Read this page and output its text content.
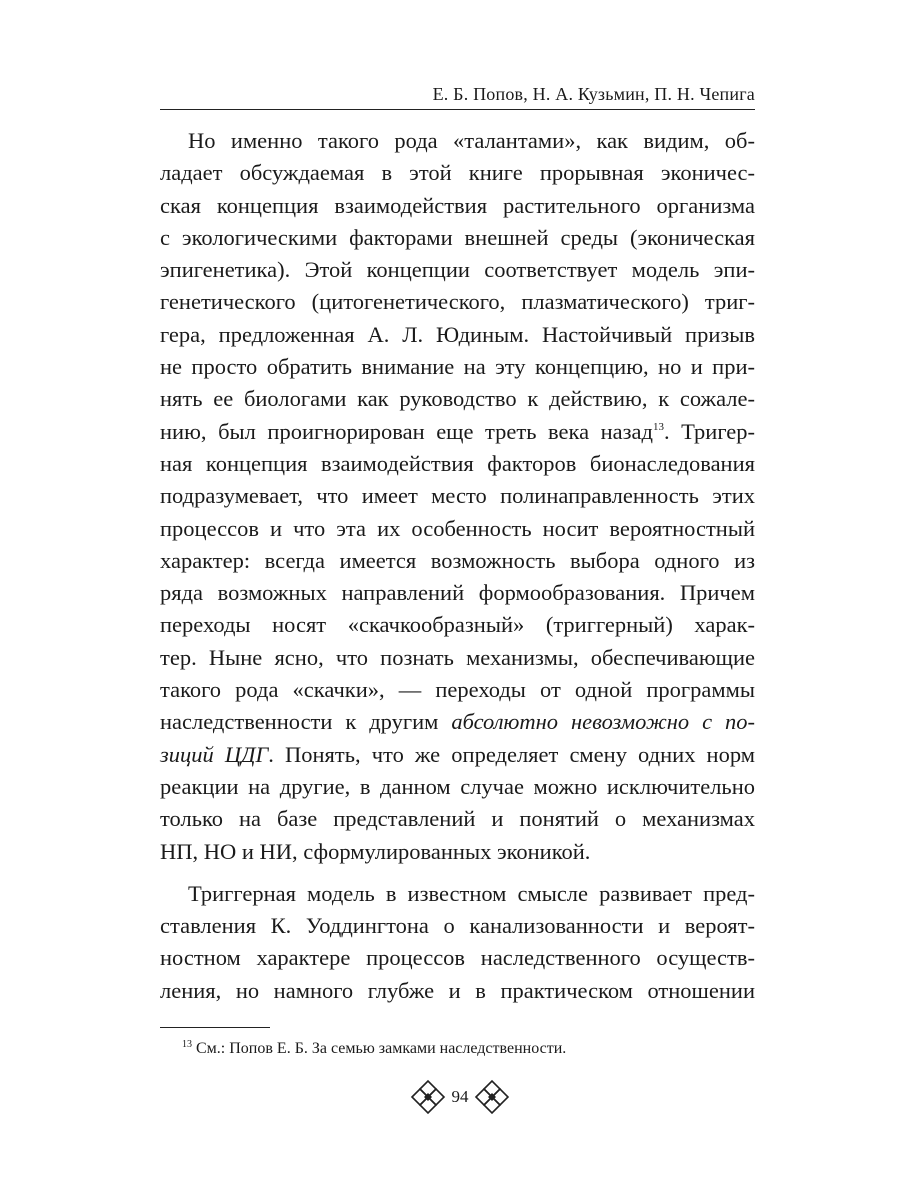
Е. Б. Попов, Н. А. Кузьмин, П. Н. Чепига
Но именно такого рода «талантами», как видим, об-
ладает обсуждаемая в этой книге прорывная эконичес-
ская концепция взаимодействия растительного организма
с экологическими факторами внешней среды (эконическая
эпигенетика). Этой концепции соответствует модель эпи-
генетического (цитогенетического, плазматического) триг-
гера, предложенная А. Л. Юдиным. Настойчивый призыв
не просто обратить внимание на эту концепцию, но и при-
нять ее биологами как руководство к действию, к сожале-
нию, был проигнорирован еще треть века назад$^{13}$. Тригер-
ная концепция взаимодействия факторов бионаследования
подразумевает, что имеет место полинаправленность этих
процессов и что эта их особенность носит вероятностный
характер: всегда имеется возможность выбора одного из
ряда возможных направлений формообразования. Причем
переходы носят «скачкообразный» (триггерный) харак-
тер. Ныне ясно, что познать механизмы, обеспечивающие
такого рода «скачки», — переходы от одной программы
наследственности к другим абсолютно невозможно с по-
зиций ЦДГ. Понять, что же определяет смену одних норм
реакции на другие, в данном случае можно исключительно
только на базе представлений и понятий о механизмах
НП, НО и НИ, сформулированных эконикой.
Триггерная модель в известном смысле развивает пред-
ставления К. Уоддингтона о канализованности и вероят-
ностном характере процессов наследственного осуществ-
ления, но намного глубже и в практическом отношении
$^{13}$ См.: Попов Е. Б. За семью замками наследственности.
94
